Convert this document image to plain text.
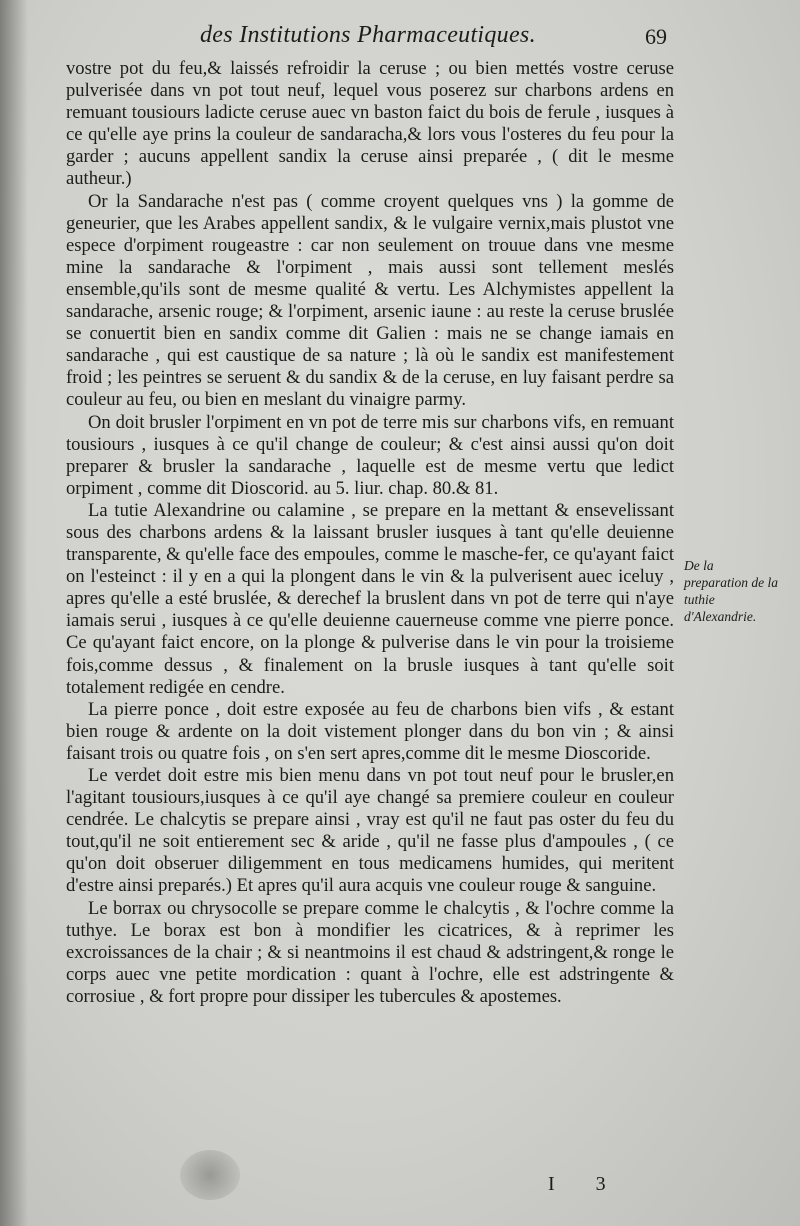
des Institutions Pharmaceutiques.	69

vostre pot du feu,& laissés refroidir la ceruse ; ou bien mettés vostre ceruse pulverisée dans vn pot tout neuf, lequel vous poserez sur charbons ardens en remuant tousiours ladicte ceruse auec vn baston faict du bois de ferule , iusques à ce qu'elle aye prins la couleur de sandaracha,& lors vous l'osteres du feu pour la garder ; aucuns appellent sandix la ceruse ainsi preparée , ( dit le mesme autheur.)

Or la Sandarache n'est pas ( comme croyent quelques vns ) la gomme de geneurier, que les Arabes appellent sandix, & le vulgaire vernix,mais plustot vne espece d'orpiment rougeastre : car non seulement on trouue dans vne mesme mine la sandarache & l'orpiment , mais aussi sont tellement meslés ensemble,qu'ils sont de mesme qualité & vertu. Les Alchymistes appellent la sandarache, arsenic rouge; & l'orpiment, arsenic iaune : au reste la ceruse bruslée se conuertit bien en sandix comme dit Galien : mais ne se change iamais en sandarache , qui est caustique de sa nature ; là où le sandix est manifestement froid ; les peintres se seruent & du sandix & de la ceruse, en luy faisant perdre sa couleur au feu, ou bien en meslant du vinaigre parmy.

On doit brusler l'orpiment en vn pot de terre mis sur charbons vifs, en remuant tousiours , iusques à ce qu'il change de couleur; & c'est ainsi aussi qu'on doit preparer & brusler la sandarache , laquelle est de mesme vertu que ledict orpiment , comme dit Dioscorid. au 5. liur. chap. 80.& 81.

La tutie Alexandrine ou calamine , se prepare en la mettant & ensevelissant sous des charbons ardens & la laissant brusler iusques à tant qu'elle deuienne transparente, & qu'elle face des empoules, comme le masche-fer, ce qu'ayant faict on l'esteinct : il y en a qui la plongent dans le vin & la pulverisent auec iceluy , apres qu'elle a esté bruslée, & derechef la bruslent dans vn pot de terre qui n'aye iamais serui , iusques à ce qu'elle deuienne cauerneuse comme vne pierre ponce. Ce qu'ayant faict encore, on la plonge & pulverise dans le vin pour la troisieme fois,comme dessus , & finalement on la brusle iusques à tant qu'elle soit totalement redigée en cendre.

La pierre ponce , doit estre exposée au feu de charbons bien vifs , & estant bien rouge & ardente on la doit vistement plonger dans du bon vin ; & ainsi faisant trois ou quatre fois , on s'en sert apres,comme dit le mesme Dioscoride.

Le verdet doit estre mis bien menu dans vn pot tout neuf pour le brusler,en l'agitant tousiours,iusques à ce qu'il aye changé sa premiere couleur en couleur cendrée. Le chalcytis se prepare ainsi , vray est qu'il ne faut pas oster du feu du tout,qu'il ne soit entierement sec & aride , qu'il ne fasse plus d'ampoules , ( ce qu'on doit obseruer diligemment en tous medicamens humides, qui meritent d'estre ainsi preparés.) Et apres qu'il aura acquis vne couleur rouge & sanguine.

Le borrax ou chrysocolle se prepare comme le chalcytis , & l'ochre comme la tuthye. Le borax est bon à mondifier les cicatrices, & à reprimer les excroissances de la chair ; & si neantmoins il est chaud & adstringent,& ronge le corps auec vne petite mordication : quant à l'ochre, elle est adstringente & corrosiue , & fort propre pour dissiper les tubercules & apostemes.

De la preparation de la tuthie d'Alexandrie.
I 3
